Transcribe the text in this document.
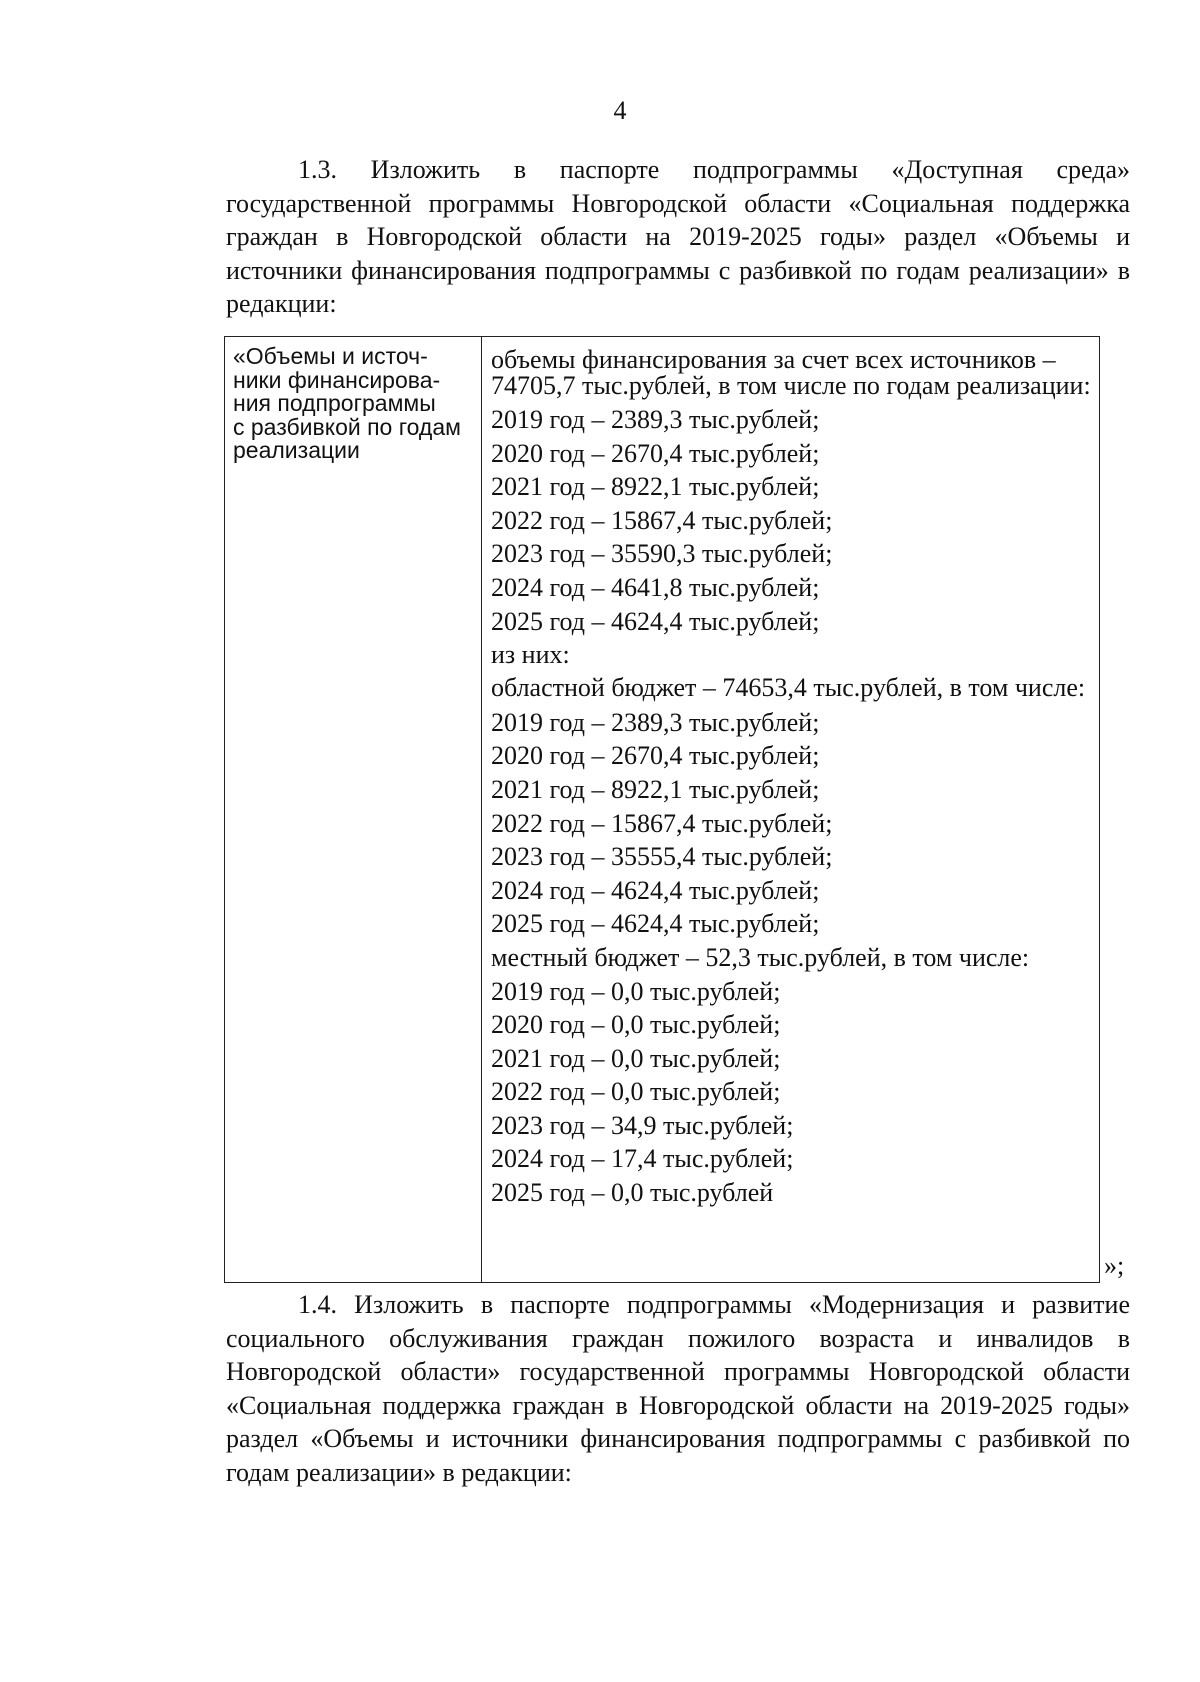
4

1.3. Изложить в паспорте подпрограммы «Доступная среда» государственной программы Новгородской области «Социальная поддержка граждан в Новгородской области на 2019-2025 годы» раздел «Объемы и источники финансирования подпрограммы с разбивкой по годам реализации» в редакции:

«Объемы и источ-
ники финансирова-
ния подпрограммы
с разбивкой по годам
реализации
объемы финансирования за счет всех источников – 74705,7 тыс.рублей, в том числе по годам реализации:
2019 год – 2389,3 тыс.рублей;
2020 год – 2670,4 тыс.рублей;
2021 год – 8922,1 тыс.рублей;
2022 год – 15867,4 тыс.рублей;
2023 год – 35590,3 тыс.рублей;
2024 год – 4641,8 тыс.рублей;
2025 год – 4624,4 тыс.рублей;
из них:
областной бюджет – 74653,4 тыс.рублей, в том числе:
2019 год – 2389,3 тыс.рублей;
2020 год – 2670,4 тыс.рублей;
2021 год – 8922,1 тыс.рублей;
2022 год – 15867,4 тыс.рублей;
2023 год – 35555,4 тыс.рублей;
2024 год – 4624,4 тыс.рублей;
2025 год – 4624,4 тыс.рублей;
местный бюджет – 52,3 тыс.рублей, в том числе:
2019 год – 0,0 тыс.рублей;
2020 год – 0,0 тыс.рублей;
2021 год – 0,0 тыс.рублей;
2022 год – 0,0 тыс.рублей;
2023 год – 34,9 тыс.рублей;
2024 год – 17,4 тыс.рублей;
2025 год – 0,0 тыс.рублей
»;

1.4. Изложить в паспорте подпрограммы «Модернизация и развитие социального обслуживания граждан пожилого возраста и инвалидов в Новгородской области» государственной программы Новгородской области «Социальная поддержка граждан в Новгородской области на 2019-2025 годы» раздел «Объемы и источники финансирования подпрограммы с разбивкой по годам реализации» в редакции:
